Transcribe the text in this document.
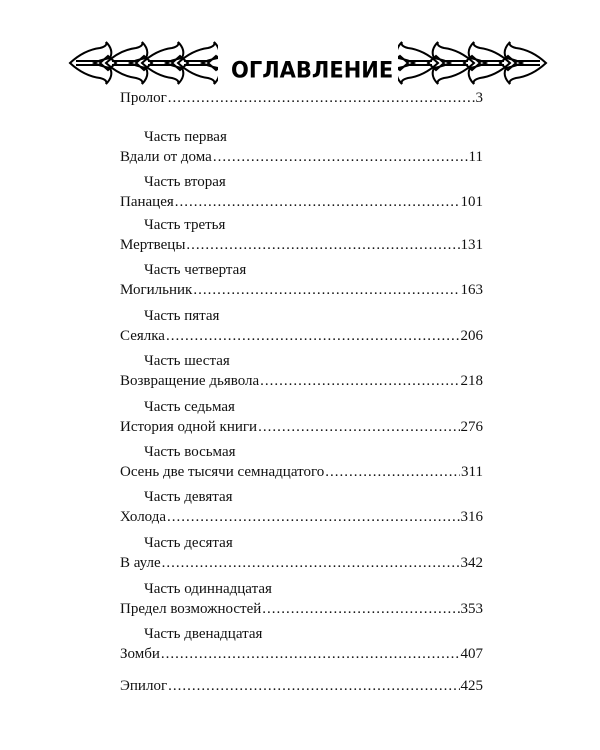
ОГЛАВЛЕНИЕ
Пролог .....	3
Часть первая
Вдали от дома .....	11
Часть вторая
Панацея .....	101
Часть третья
Мертвецы .....	131
Часть четвертая
Могильник .....	163
Часть пятая
Сеялка .....	206
Часть шестая
Возвращение дьявола .....	218
Часть седьмая
История одной книги .....	276
Часть восьмая
Осень две тысячи семнадцатого .....	311
Часть девятая
Холода .....	316
Часть десятая
В ауле .....	342
Часть одиннадцатая
Предел возможностей .....	353
Часть двенадцатая
Зомби .....	407
Эпилог .....	425
